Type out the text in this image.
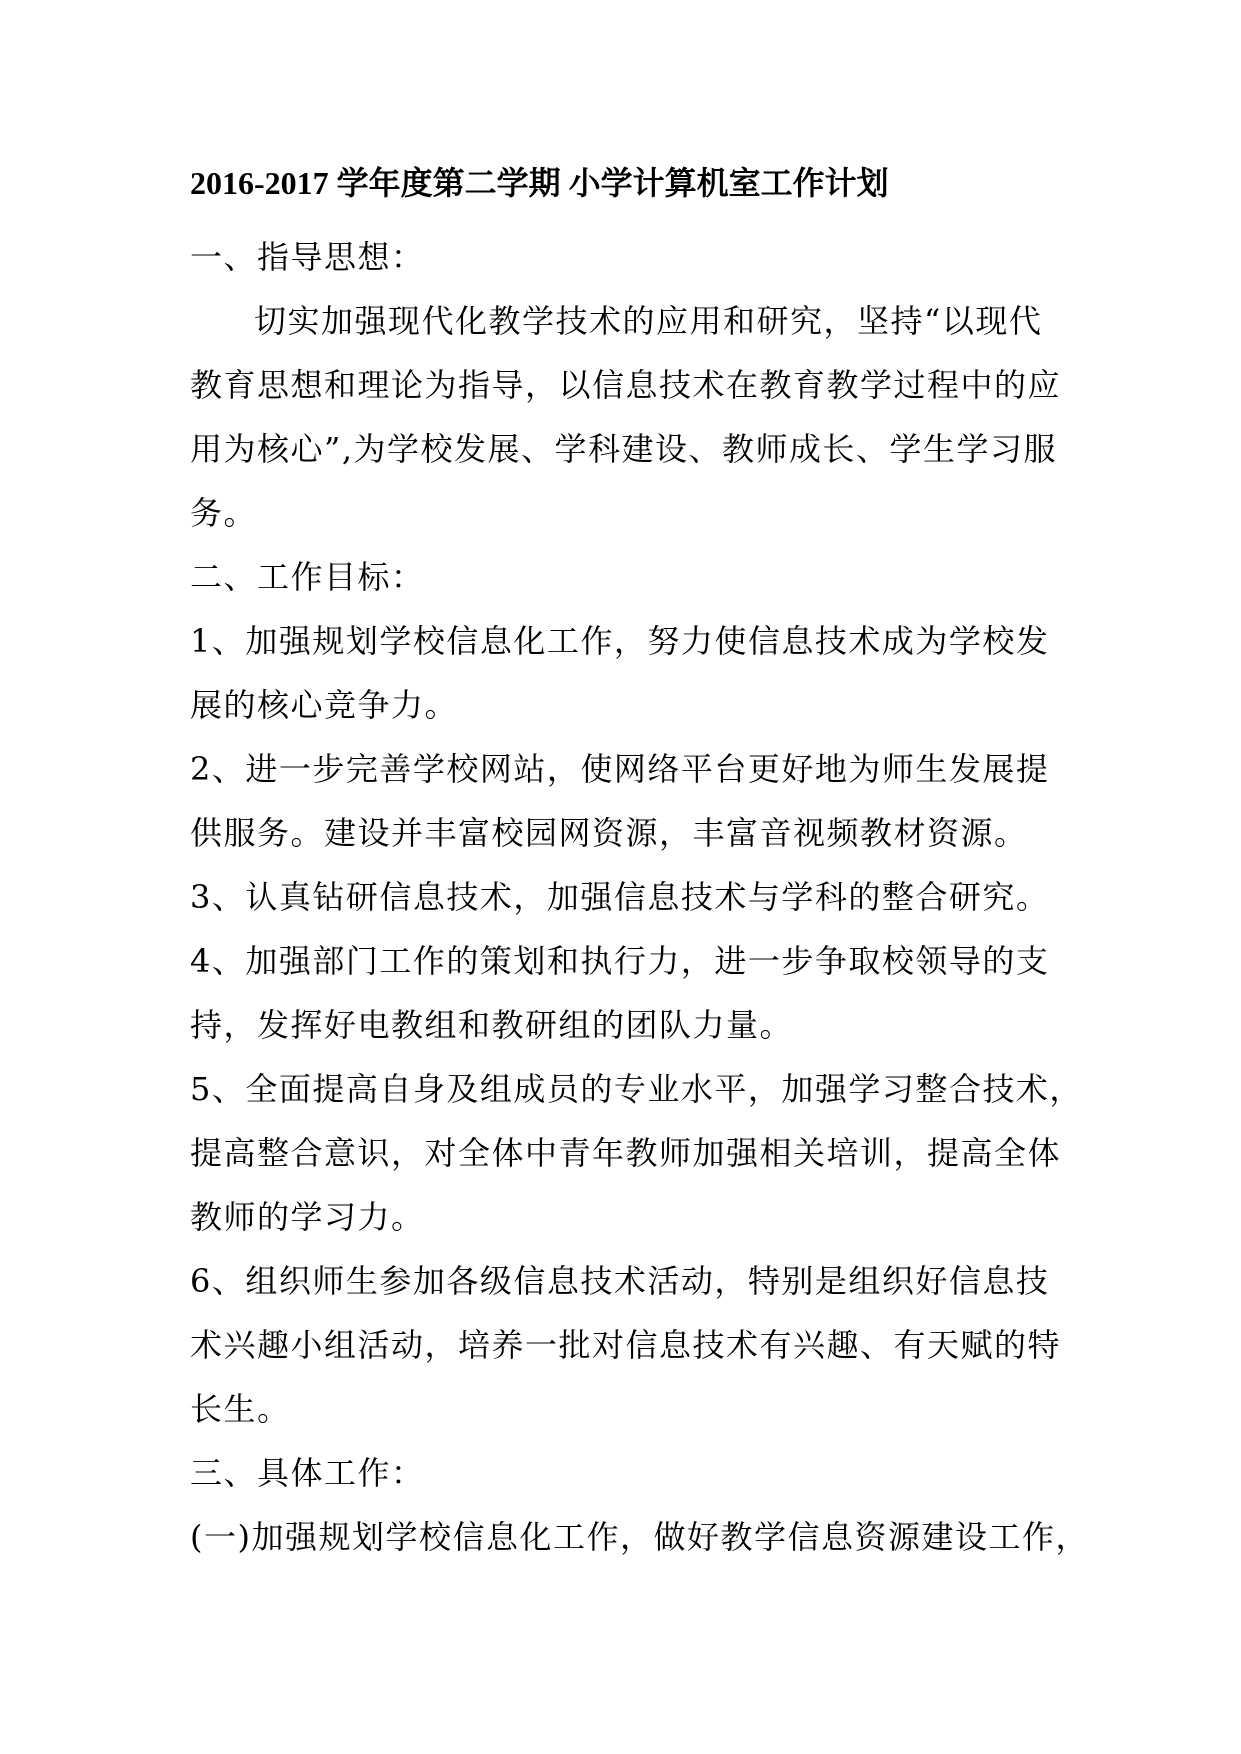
2016-2017 学年度第二学期 小学计算机室工作计划
一、指导思想：
切实加强现代化教学技术的应用和研究，坚持“以现代
教育思想和理论为指导，以信息技术在教育教学过程中的应
用为核心”,为学校发展、学科建设、教师成长、学生学习服
务。
二、工作目标：
1、加强规划学校信息化工作，努力使信息技术成为学校发
展的核心竞争力。
2、进一步完善学校网站，使网络平台更好地为师生发展提
供服务。建设并丰富校园网资源，丰富音视频教材资源。
3、认真钻研信息技术，加强信息技术与学科的整合研究。
4、加强部门工作的策划和执行力，进一步争取校领导的支
持，发挥好电教组和教研组的团队力量。
5、全面提高自身及组成员的专业水平，加强学习整合技术，
提高整合意识，对全体中青年教师加强相关培训，提高全体
教师的学习力。
6、组织师生参加各级信息技术活动，特别是组织好信息技
术兴趣小组活动，培养一批对信息技术有兴趣、有天赋的特
长生。
三、具体工作：
(一)加强规划学校信息化工作，做好教学信息资源建设工作，
